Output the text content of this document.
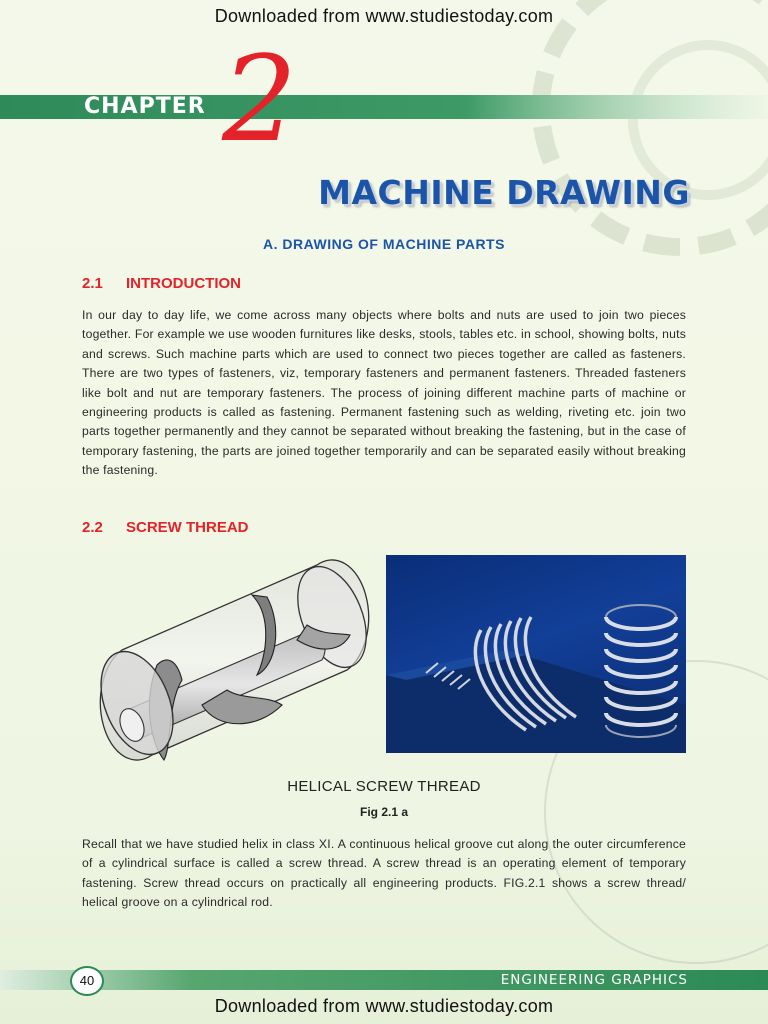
Downloaded from www.studiestoday.com
CHAPTER 2
MACHINE DRAWING
A. DRAWING OF MACHINE PARTS
2.1 INTRODUCTION
In our day to day life, we come across many objects where bolts and nuts are used to join two pieces together. For example we use wooden furnitures like desks, stools, tables etc. in school, showing bolts, nuts and screws. Such machine parts which are used to connect two pieces together are called as fasteners. There are two types of fasteners, viz, temporary fasteners and permanent fasteners. Threaded fasteners like bolt and nut are temporary fasteners. The process of joining different machine parts of machine or engineering products is called as fastening. Permanent fastening such as welding, riveting etc. join two parts together permanently and they cannot be separated without breaking the fastening, but in the case of temporary fastening, the parts are joined together temporarily and can be separated easily without breaking the fastening.
2.2 SCREW THREAD
HELICAL SCREW THREAD
Fig 2.1 a
Recall that we have studied helix in class XI. A continuous helical groove cut along the outer circumference of a cylindrical surface is called a screw thread. A screw thread is an operating element of temporary fastening. Screw thread occurs on practically all engineering products. FIG.2.1 shows a screw thread/ helical groove on a cylindrical rod.
40	ENGINEERING GRAPHICS
Downloaded from www.studiestoday.com
